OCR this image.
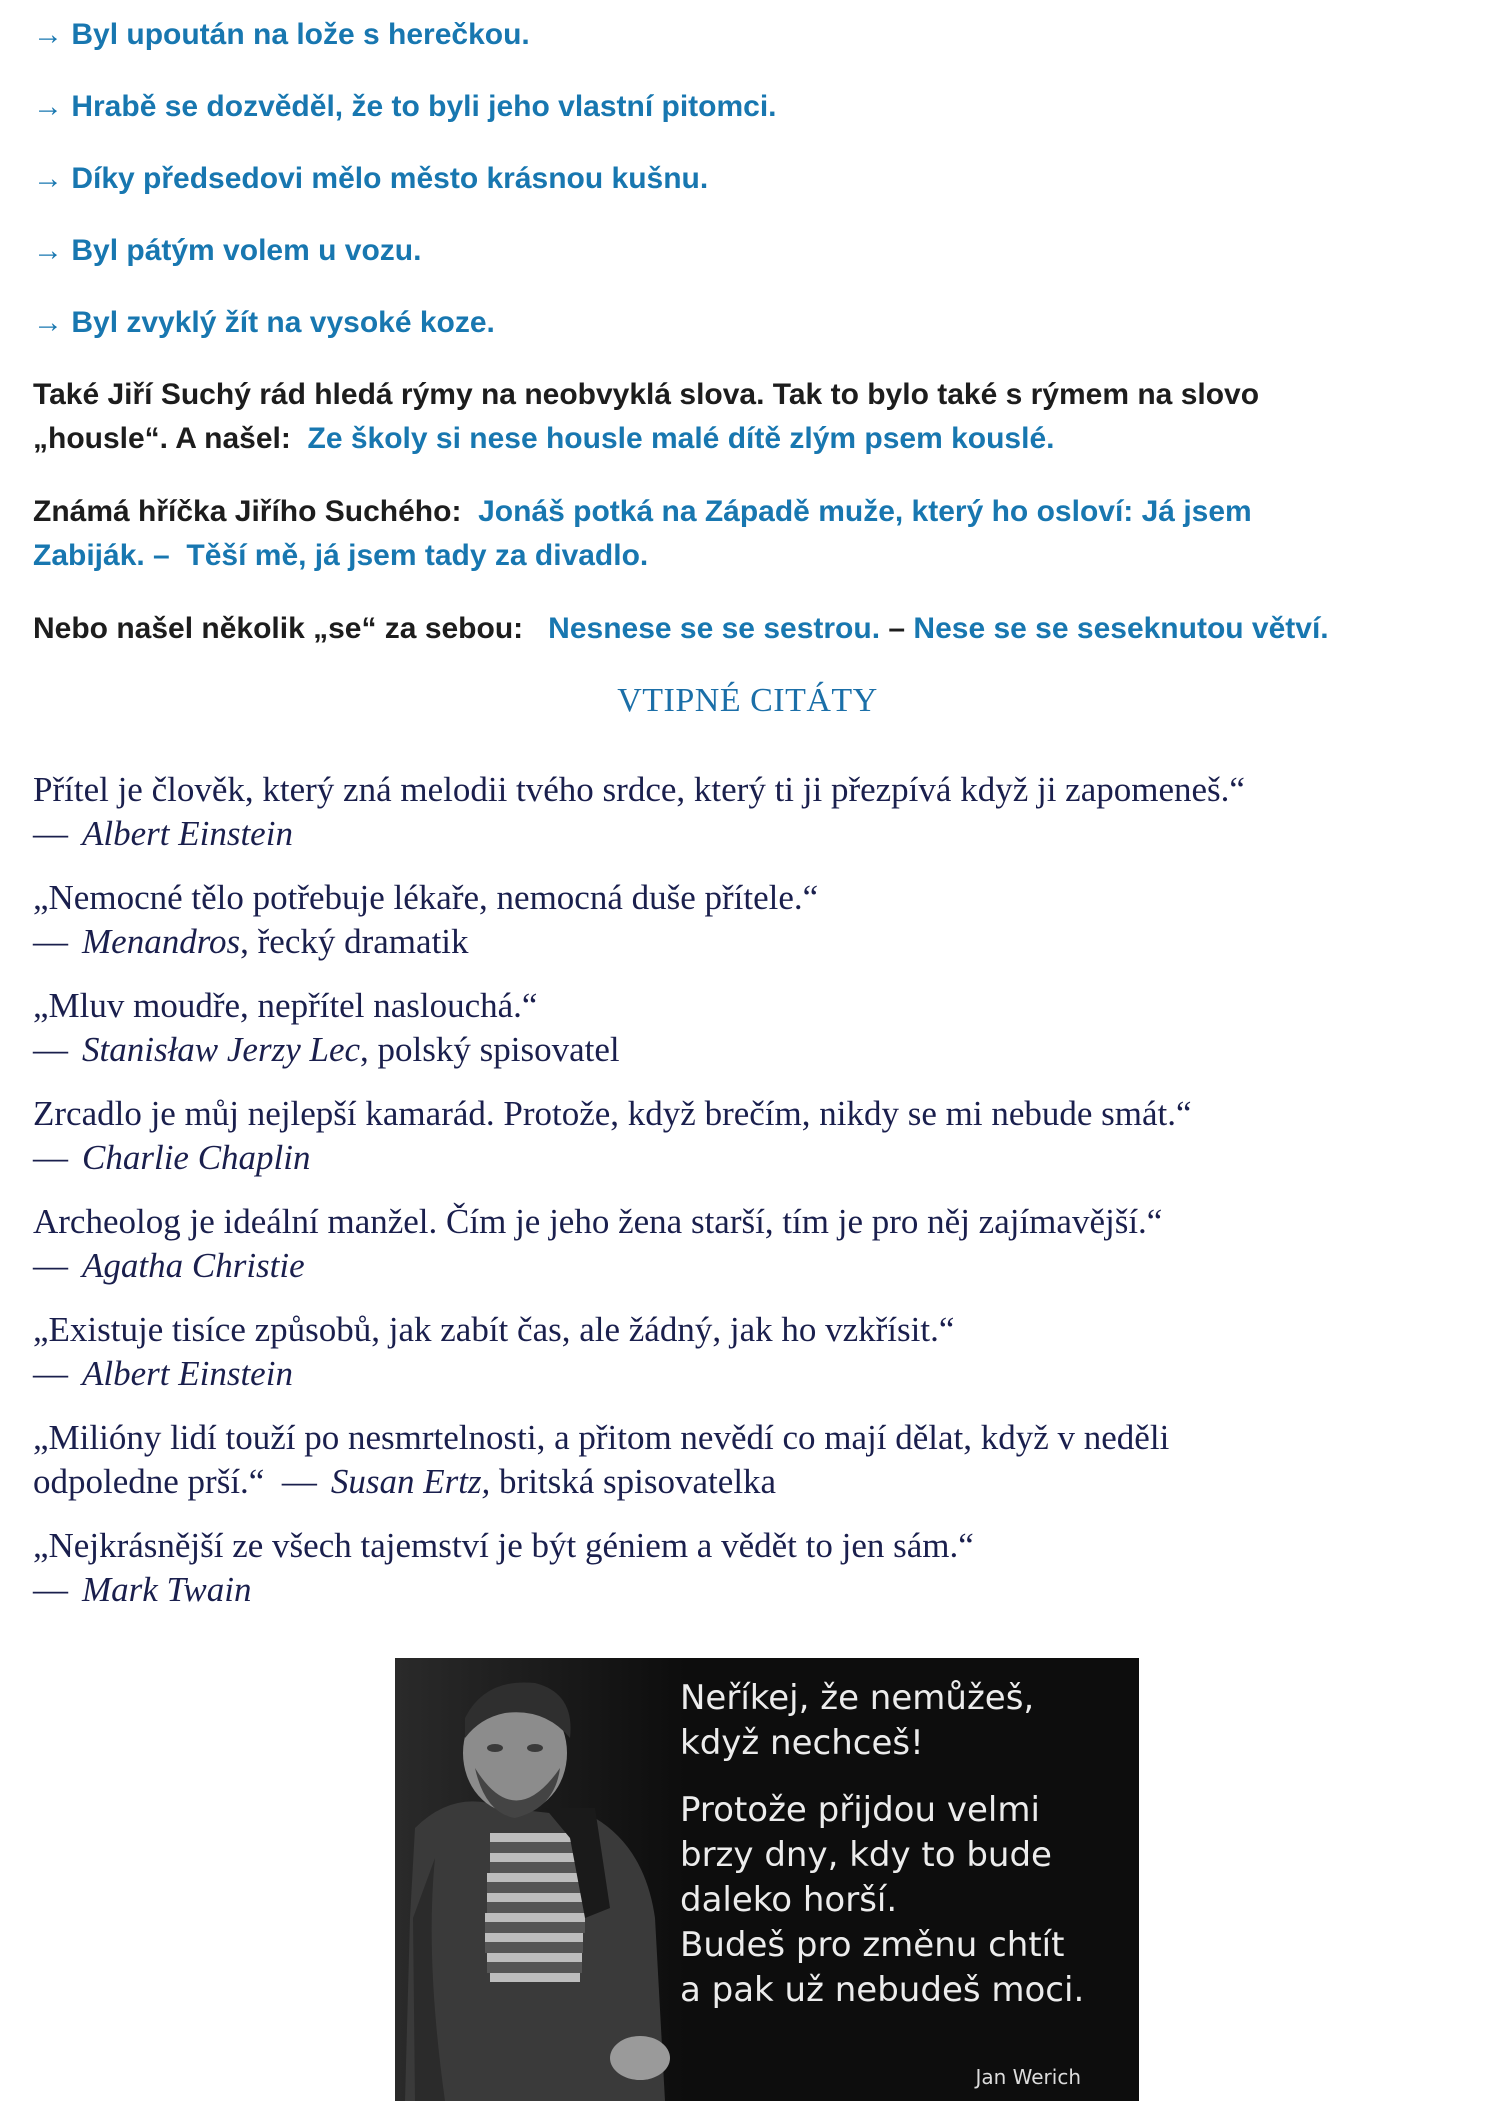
→ Byl upoután na lože s herečkou.
→ Hrabě se dozvěděl, že to byli jeho vlastní pitomci.
→ Díky předsedovi mělo město krásnou kušnu.
→ Byl pátým volem u vozu.
→ Byl zvyklý žít na vysoké koze.
Také Jiří Suchý rád hledá rýmy na neobvyklá slova. Tak to bylo také s rýmem na slovo
„housle“. A našel: Ze školy si nese housle malé dítě zlým psem kouslé.
Známá hříčka Jiřího Suchého: Jonáš potká na Západě muže, který ho osloví: Já jsem
Zabiják. – Těší mě, já jsem tady za divadlo.
Nebo našel několik „se“ za sebou: Nesnese se se sestrou. – Nese se se seseknutou větví.
VTIPNÉ CITÁTY
Přítel je člověk, který zná melodii tvého srdce, který ti ji přezpívá když ji zapomeneš.“
— Albert Einstein
„Nemocné tělo potřebuje lékaře, nemocná duše přítele.“
— Menandros, řecký dramatik
„Mluv moudře, nepřítel naslouchá.“
— Stanisław Jerzy Lec, polský spisovatel
Zrcadlo je můj nejlepší kamarád. Protože, když brečím, nikdy se mi nebude smát.“
— Charlie Chaplin
Archeolog je ideální manžel. Čím je jeho žena starší, tím je pro něj zajímavější.“
— Agatha Christie
„Existuje tisíce způsobů, jak zabít čas, ale žádný, jak ho vzkřísit.“
— Albert Einstein
„Milióny lidí touží po nesmrtelnosti, a přitom nevědí co mají dělat, když v neděli
odpoledne prší.“ — Susan Ertz, britská spisovatelka
„Nejkrásnější ze všech tajemství je být géniem a vědět to jen sám.“
— Mark Twain
Neříkej, že nemůžeš,
když nechceš!
Protože přijdou velmi
brzy dny, kdy to bude
daleko horší.
Budeš pro změnu chtít
a pak už nebudeš moci.
Jan Werich
